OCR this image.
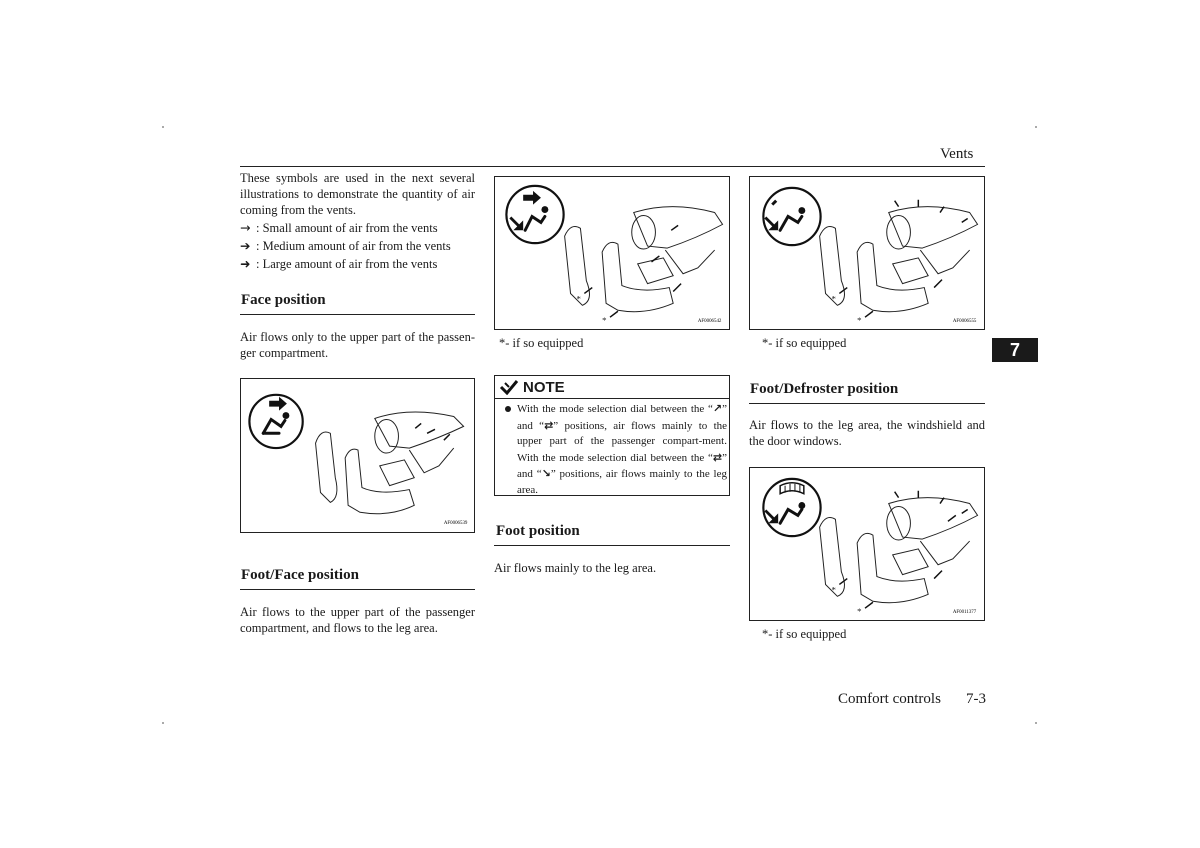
Vents
7
These symbols are used in the next several illustrations to demonstrate the quantity of air coming from the vents.
→ : Small amount of air from the vents
➔ : Medium amount of air from the vents
➜ : Large amount of air from the vents
Face position
Air flows only to the upper part of the passen-ger compartment.
AF0006539
Foot/Face position
Air flows to the upper part of the passenger compartment, and flows to the leg area.
*
*	AF0006542
*- if so equipped
NOTE
With the mode selection dial between the “↗” and “⇄” positions, air flows mainly to the upper part of the passenger compart-ment. With the mode selection dial between the “⇄” and “↘” positions, air flows mainly to the leg area.
Foot position
Air flows mainly to the leg area.
*
*	AF0006555
*- if so equipped
Foot/Defroster position
Air flows to the leg area, the windshield and the door windows.
*
*	AF0011377
*- if so equipped
Comfort controls 7-3
